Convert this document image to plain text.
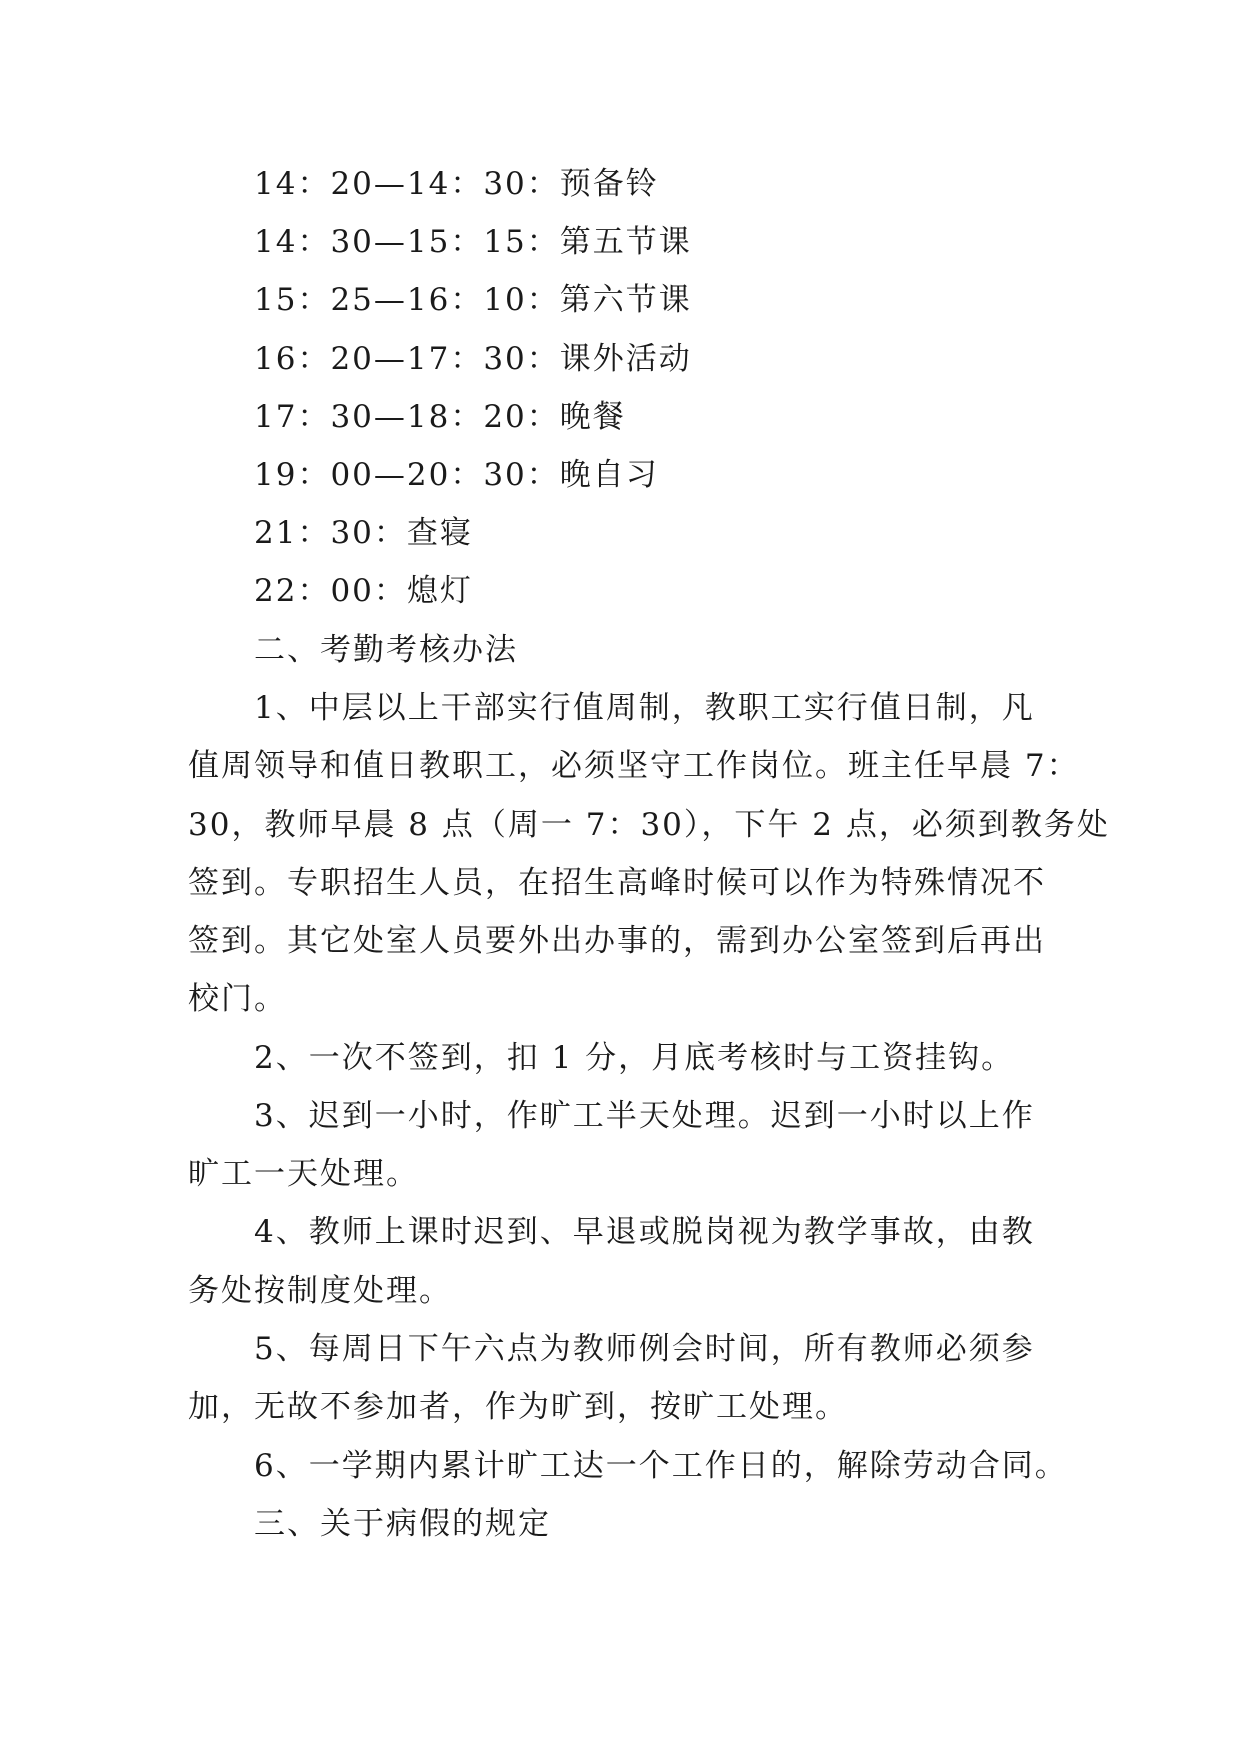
14：20—14：30：预备铃
14：30—15：15：第五节课
15：25—16：10：第六节课
16：20—17：30：课外活动
17：30—18：20：晚餐
19：00—20：30：晚自习
21：30：查寝
22：00：熄灯
二、考勤考核办法
1、中层以上干部实行值周制，教职工实行值日制，凡
值周领导和值日教职工，必须坚守工作岗位。班主任早晨 7：
30，教师早晨 8 点（周一 7：30），下午 2 点，必须到教务处
签到。专职招生人员，在招生高峰时候可以作为特殊情况不
签到。其它处室人员要外出办事的，需到办公室签到后再出
校门。
2、一次不签到，扣 1 分，月底考核时与工资挂钩。
3、迟到一小时，作旷工半天处理。迟到一小时以上作
旷工一天处理。
4、教师上课时迟到、早退或脱岗视为教学事故，由教
务处按制度处理。
5、每周日下午六点为教师例会时间，所有教师必须参
加，无故不参加者，作为旷到，按旷工处理。
6、一学期内累计旷工达一个工作日的，解除劳动合同。
三、关于病假的规定
